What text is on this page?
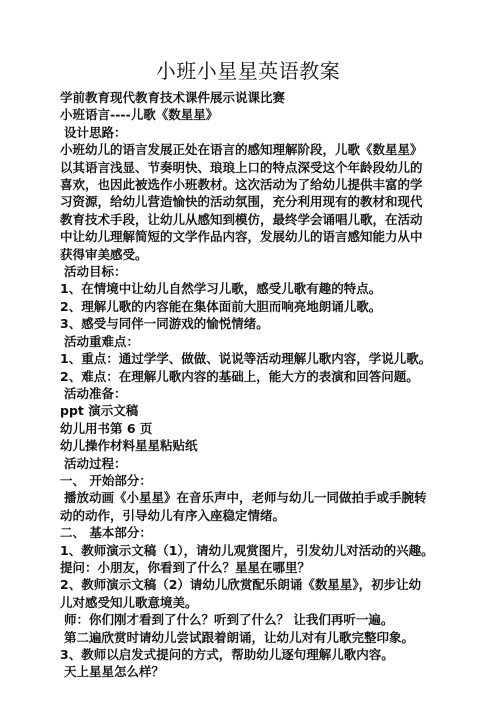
小班小星星英语教案
学前教育现代教育技术课件展示说课比赛
小班语言----儿歌《数星星》
设计思路：
小班幼儿的语言发展正处在语言的感知理解阶段，儿歌《数星星》
以其语言浅显、节奏明快、琅琅上口的特点深受这个年龄段幼儿的
喜欢，也因此被选作小班教材。这次活动为了给幼儿提供丰富的学
习资源，给幼儿营造愉快的活动氛围，充分利用现有的教材和现代
教育技术手段，让幼儿从感知到模仿，最终学会诵唱儿歌，在活动
中让幼儿理解简短的文学作品内容，发展幼儿的语言感知能力从中
获得审美感受。
活动目标：
1、在情境中让幼儿自然学习儿歌，感受儿歌有趣的特点。
2、理解儿歌的内容能在集体面前大胆而响亮地朗诵儿歌。
3、感受与同伴一同游戏的愉悦情绪。
活动重难点：
1、重点：通过学学、做做、说说等活动理解儿歌内容，学说儿歌。
2、难点：在理解儿歌内容的基础上，能大方的表演和回答问题。
活动准备：
ppt 演示文稿
幼儿用书第 6 页
幼儿操作材料星星粘贴纸
活动过程：
一、 开始部分：
播放动画《小星星》在音乐声中，老师与幼儿一同做拍手或手腕转
动的动作，引导幼儿有序入座稳定情绪。
二、 基本部分：
1、教师演示文稿（1），请幼儿观赏图片，引发幼儿对活动的兴趣。
提问：小朋友，你看到了什么？星星在哪里？
2、教师演示文稿（2）请幼儿欣赏配乐朗诵《数星星》，初步让幼
儿对感受知儿歌意境美。
师：你们刚才看到了什么？听到了什么？ 让我们再听一遍。
第二遍欣赏时请幼儿尝试跟着朗诵，让幼儿对有儿歌完整印象。
3、教师以启发式提问的方式，帮助幼儿逐句理解儿歌内容。
天上星星怎么样？
